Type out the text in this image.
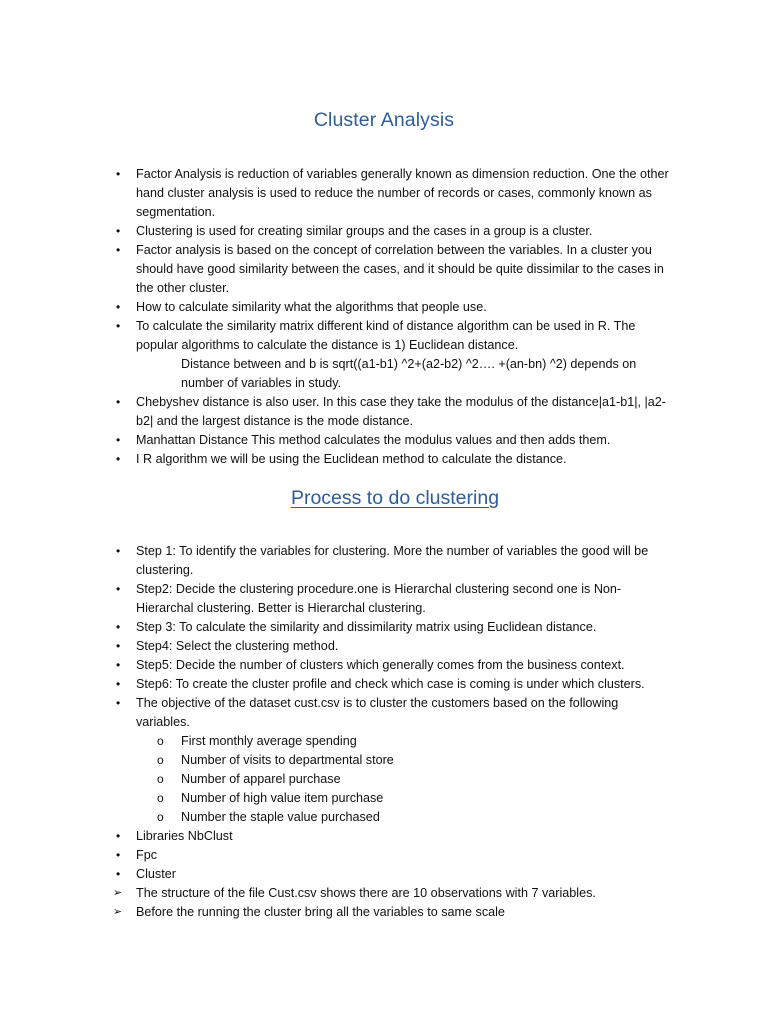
Cluster Analysis
•	Factor Analysis is reduction of variables generally known as dimension reduction. One the other hand cluster analysis is used to reduce the number of records or cases, commonly known as segmentation.
•	Clustering is used for creating similar groups and the cases in a group is a cluster.
•	Factor analysis is based on the concept of correlation between the variables. In a cluster you should have good similarity between the cases, and it should be quite dissimilar to the cases in the other cluster.
•	How to calculate similarity what the algorithms that people use.
•	To calculate the similarity matrix different kind of distance algorithm can be used in R. The popular algorithms to calculate the distance is 1) Euclidean distance.
Distance between and b is sqrt((a1-b1) ^2+(a2-b2) ^2…. +(an-bn) ^2) depends on number of variables in study.
•	Chebyshev distance is also user. In this case they take the modulus of the distance|a1-b1|, |a2-b2| and the largest distance is the mode distance.
•	Manhattan Distance This method calculates the modulus values and then adds them.
•	I R algorithm we will be using the Euclidean method to calculate the distance.
Process to do clustering
•	Step 1: To identify the variables for clustering. More the number of variables the good will be clustering.
•	Step2: Decide the clustering procedure.one is Hierarchal clustering second one is Non-Hierarchal clustering. Better is Hierarchal clustering.
•	Step 3: To calculate the similarity and dissimilarity matrix using Euclidean distance.
•	Step4: Select the clustering method.
•	Step5: Decide the number of clusters which generally comes from the business context.
•	Step6: To create the cluster profile and check which case is coming is under which clusters.
•	The objective of the dataset cust.csv is to cluster the customers based on the following variables.
o First monthly average spending
o Number of visits to departmental store
o Number of apparel purchase
o Number of high value item purchase
o Number the staple value purchased
•	Libraries NbClust
•	Fpc
•	Cluster
➢	The structure of the file Cust.csv shows there are 10 observations with 7 variables.
➢	Before the running the cluster bring all the variables to same scale
